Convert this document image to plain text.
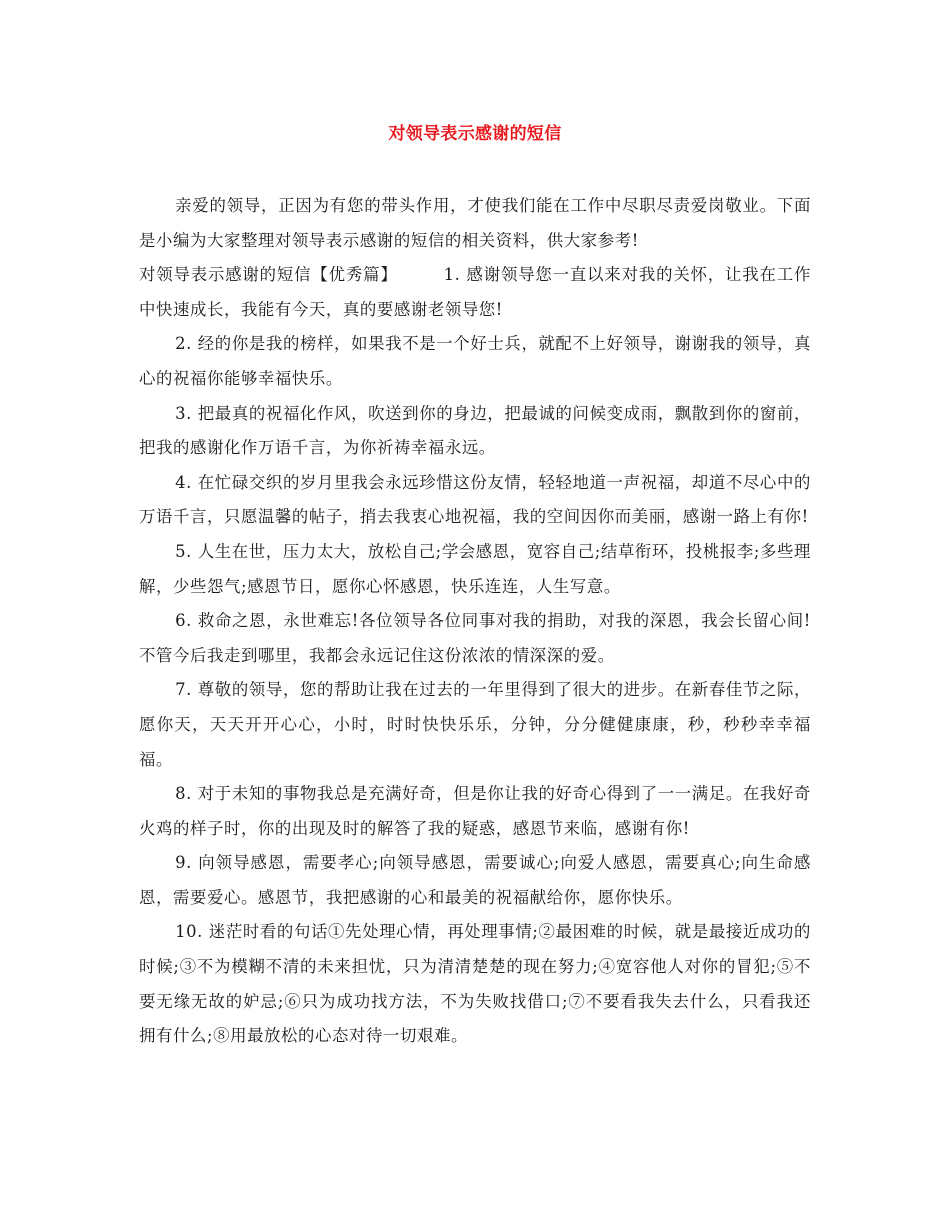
对领导表示感谢的短信

亲爱的领导，正因为有您的带头作用，才使我们能在工作中尽职尽责爱岗敬业。下面是小编为大家整理对领导表示感谢的短信的相关资料，供大家参考!

对领导表示感谢的短信【优秀篇】	1. 感谢领导您一直以来对我的关怀，让我在工作中快速成长，我能有今天，真的要感谢老领导您!

2. 经的你是我的榜样，如果我不是一个好士兵，就配不上好领导，谢谢我的领导，真心的祝福你能够幸福快乐。

3. 把最真的祝福化作风，吹送到你的身边，把最诚的问候变成雨，飘散到你的窗前，把我的感谢化作万语千言，为你祈祷幸福永远。

4. 在忙碌交织的岁月里我会永远珍惜这份友情，轻轻地道一声祝福，却道不尽心中的万语千言，只愿温馨的帖子，捎去我衷心地祝福，我的空间因你而美丽，感谢一路上有你!

5. 人生在世，压力太大，放松自己;学会感恩，宽容自己;结草衔环，投桃报李;多些理解，少些怨气;感恩节日，愿你心怀感恩，快乐连连，人生写意。

6. 救命之恩，永世难忘!各位领导各位同事对我的捐助，对我的深恩，我会长留心间!不管今后我走到哪里，我都会永远记住这份浓浓的情深深的爱。

7. 尊敬的领导，您的帮助让我在过去的一年里得到了很大的进步。在新春佳节之际，愿你天，天天开开心心，小时，时时快快乐乐，分钟，分分健健康康，秒，秒秒幸幸福福。

8. 对于未知的事物我总是充满好奇，但是你让我的好奇心得到了一一满足。在我好奇火鸡的样子时，你的出现及时的解答了我的疑惑，感恩节来临，感谢有你!

9. 向领导感恩，需要孝心;向领导感恩，需要诚心;向爱人感恩，需要真心;向生命感恩，需要爱心。感恩节，我把感谢的心和最美的祝福献给你，愿你快乐。

10. 迷茫时看的句话①先处理心情，再处理事情;②最困难的时候，就是最接近成功的时候;③不为模糊不清的未来担忧，只为清清楚楚的现在努力;④宽容他人对你的冒犯;⑤不要无缘无故的妒忌;⑥只为成功找方法，不为失败找借口;⑦不要看我失去什么，只看我还拥有什么;⑧用最放松的心态对待一切艰难。
